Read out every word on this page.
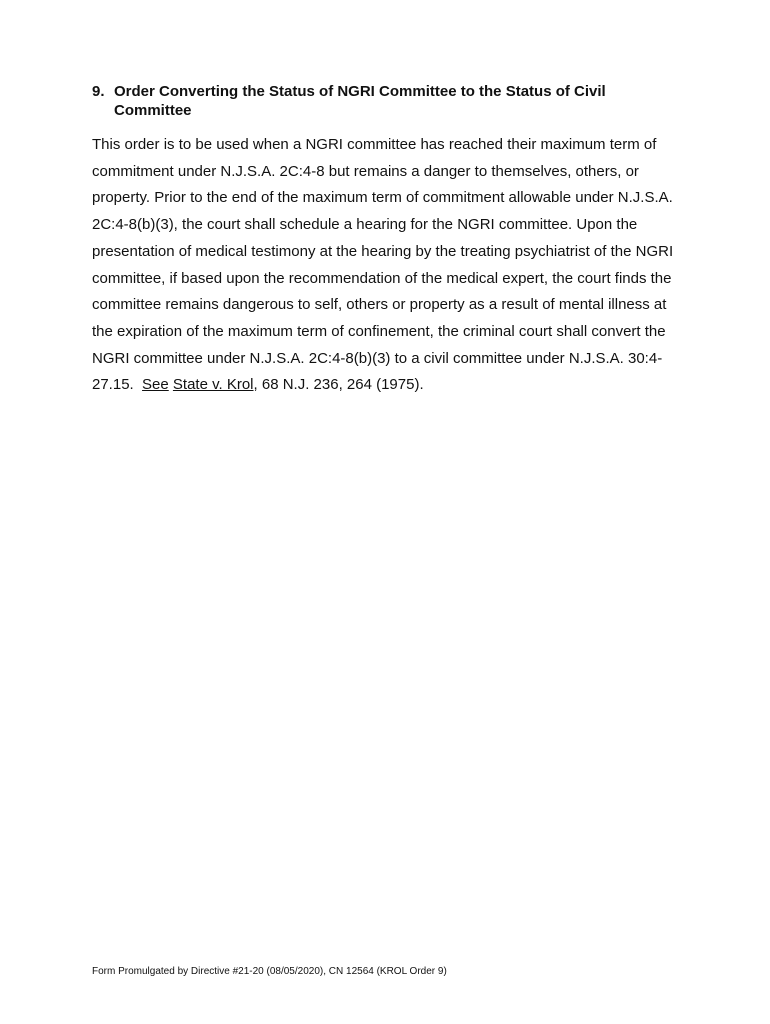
9. Order Converting the Status of NGRI Committee to the Status of Civil Committee

This order is to be used when a NGRI committee has reached their maximum term of
commitment under N.J.S.A. 2C:4-8 but remains a danger to themselves, others, or
property. Prior to the end of the maximum term of commitment allowable under N.J.S.A.
2C:4-8(b)(3), the court shall schedule a hearing for the NGRI committee. Upon the
presentation of medical testimony at the hearing by the treating psychiatrist of the NGRI
committee, if based upon the recommendation of the medical expert, the court finds the
committee remains dangerous to self, others or property as a result of mental illness at
the expiration of the maximum term of confinement, the criminal court shall convert the
NGRI committee under N.J.S.A. 2C:4-8(b)(3) to a civil committee under N.J.S.A. 30:4-
27.15.  See State v. Krol, 68 N.J. 236, 264 (1975).

Form Promulgated by Directive #21-20 (08/05/2020), CN 12564 (KROL Order 9)
